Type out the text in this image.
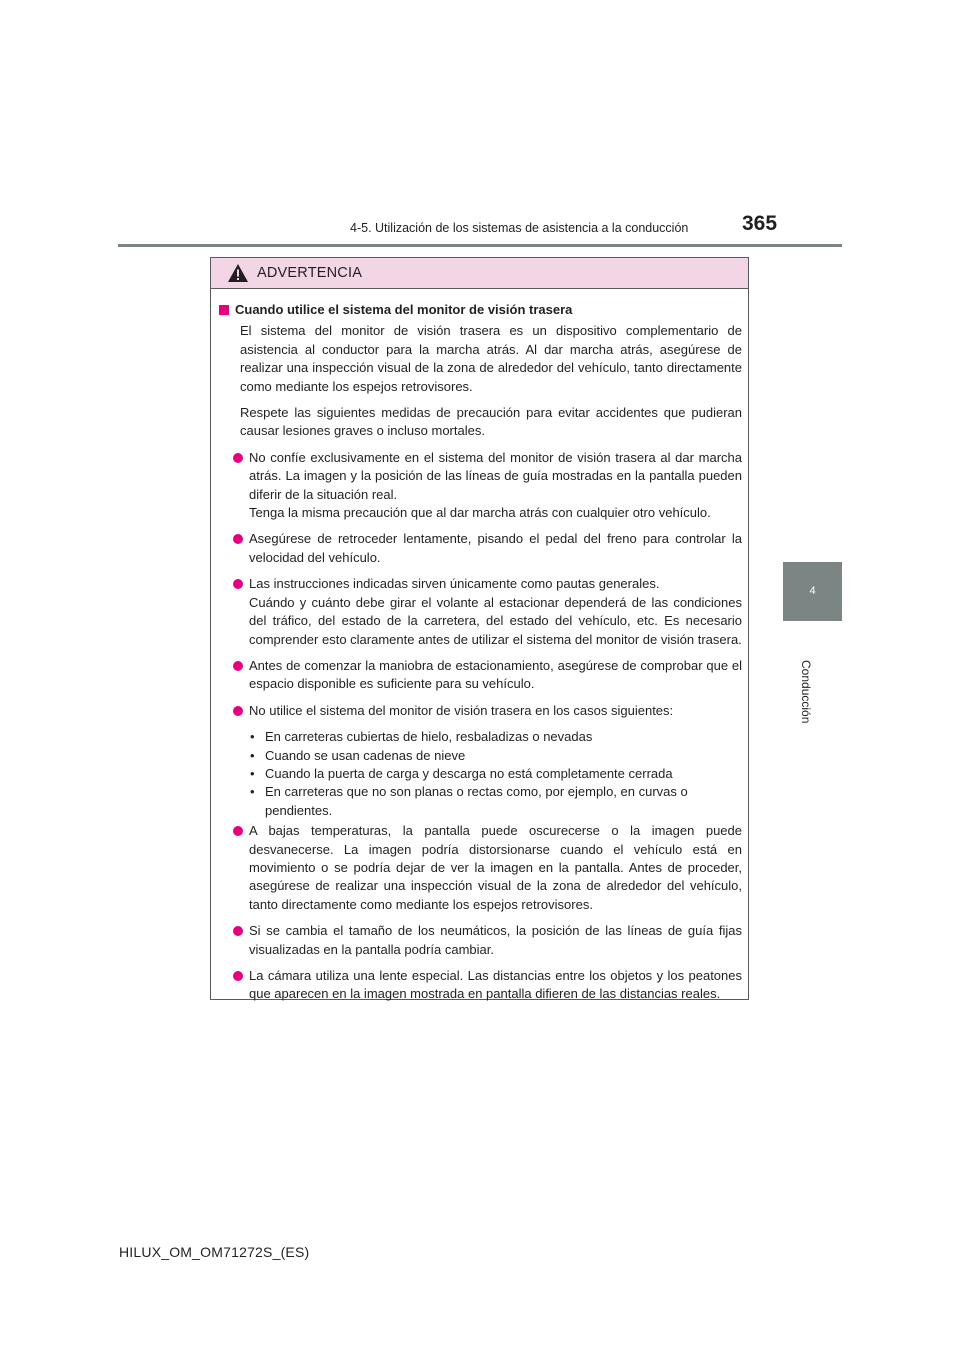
4-5. Utilización de los sistemas de asistencia a la conducción	365
4
Conducción
ADVERTENCIA
Cuando utilice el sistema del monitor de visión trasera

El sistema del monitor de visión trasera es un dispositivo complementario de asistencia al conductor para la marcha atrás. Al dar marcha atrás, asegúrese de realizar una inspección visual de la zona de alrededor del vehículo, tanto directamente como mediante los espejos retrovisores.

Respete las siguientes medidas de precaución para evitar accidentes que pudieran causar lesiones graves o incluso mortales.

No confíe exclusivamente en el sistema del monitor de visión trasera al dar marcha atrás. La imagen y la posición de las líneas de guía mostradas en la pantalla pueden diferir de la situación real.
Tenga la misma precaución que al dar marcha atrás con cualquier otro vehículo.
Asegúrese de retroceder lentamente, pisando el pedal del freno para controlar la velocidad del vehículo.
Las instrucciones indicadas sirven únicamente como pautas generales.
Cuándo y cuánto debe girar el volante al estacionar dependerá de las condiciones del tráfico, del estado de la carretera, del estado del vehículo, etc. Es necesario comprender esto claramente antes de utilizar el sistema del monitor de visión trasera.
Antes de comenzar la maniobra de estacionamiento, asegúrese de comprobar que el espacio disponible es suficiente para su vehículo.
No utilice el sistema del monitor de visión trasera en los casos siguientes:
• En carreteras cubiertas de hielo, resbaladizas o nevadas
• Cuando se usan cadenas de nieve
• Cuando la puerta de carga y descarga no está completamente cerrada
• En carreteras que no son planas o rectas como, por ejemplo, en curvas o pendientes.
A bajas temperaturas, la pantalla puede oscurecerse o la imagen puede desvanecerse. La imagen podría distorsionarse cuando el vehículo está en movimiento o se podría dejar de ver la imagen en la pantalla. Antes de proceder, asegúrese de realizar una inspección visual de la zona de alrededor del vehículo, tanto directamente como mediante los espejos retrovisores.
Si se cambia el tamaño de los neumáticos, la posición de las líneas de guía fijas visualizadas en la pantalla podría cambiar.
La cámara utiliza una lente especial. Las distancias entre los objetos y los peatones que aparecen en la imagen mostrada en pantalla difieren de las distancias reales.
HILUX_OM_OM71272S_(ES)
